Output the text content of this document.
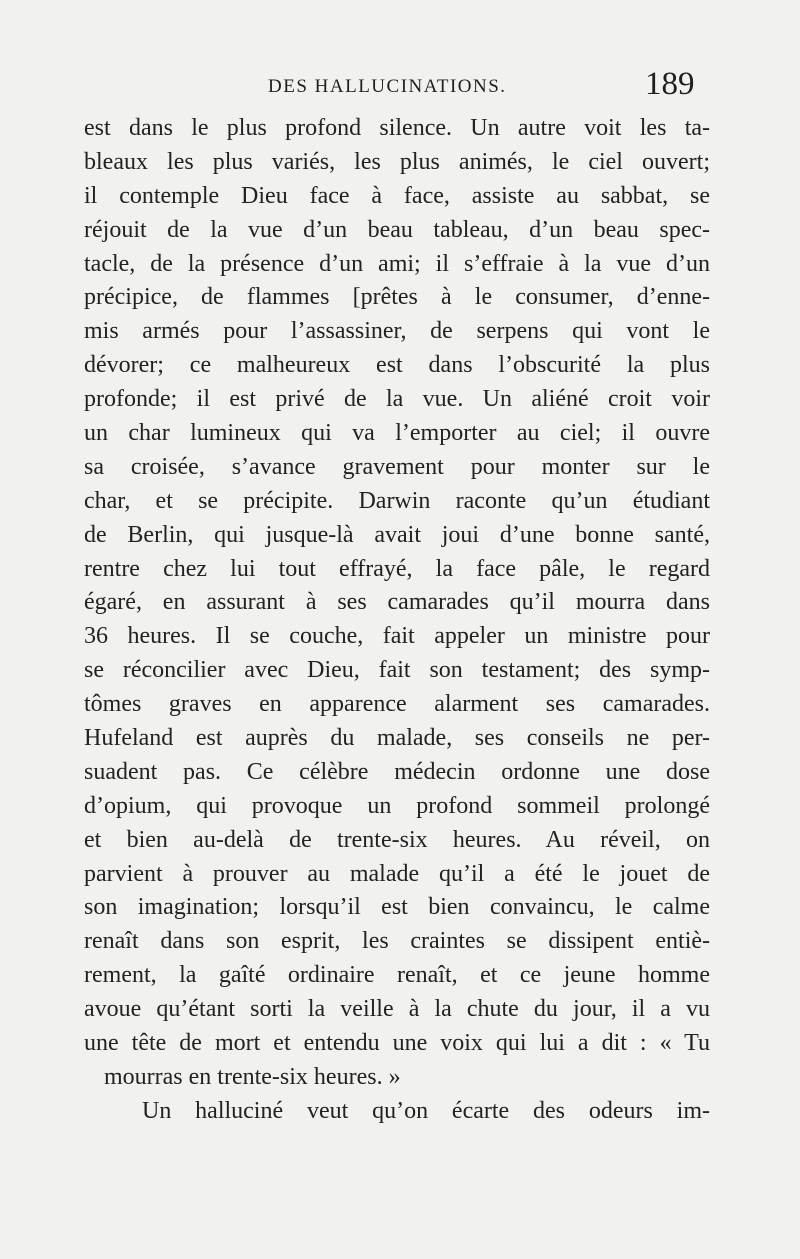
DES HALLUCINATIONS.	189
est dans le plus profond silence. Un autre voit les ta-
bleaux les plus variés, les plus animés, le ciel ouvert;
il contemple Dieu face à face, assiste au sabbat, se
réjouit de la vue d’un beau tableau, d’un beau spec-
tacle, de la présence d’un ami; il s’effraie à la vue d’un
précipice, de flammes [prêtes à le consumer, d’enne-
mis armés pour l’assassiner, de serpens qui vont le
dévorer; ce malheureux est dans l’obscurité la plus
profonde; il est privé de la vue. Un aliéné croit voir
un char lumineux qui va l’emporter au ciel; il ouvre
sa croisée, s’avance gravement pour monter sur le
char, et se précipite. Darwin raconte qu’un étudiant
de Berlin, qui jusque-là avait joui d’une bonne santé,
rentre chez lui tout effrayé, la face pâle, le regard
égaré, en assurant à ses camarades qu’il mourra dans
36 heures. Il se couche, fait appeler un ministre pour
se réconcilier avec Dieu, fait son testament; des symp-
tômes graves en apparence alarment ses camarades.
Hufeland est auprès du malade, ses conseils ne per-
suadent pas. Ce célèbre médecin ordonne une dose
d’opium, qui provoque un profond sommeil prolongé
et bien au-delà de trente-six heures. Au réveil, on
parvient à prouver au malade qu’il a été le jouet de
son imagination; lorsqu’il est bien convaincu, le calme
renaît dans son esprit, les craintes se dissipent entiè-
rement, la gaîté ordinaire renaît, et ce jeune homme
avoue qu’étant sorti la veille à la chute du jour, il a vu
une tête de mort et entendu une voix qui lui a dit : « Tu
mourras en trente-six heures. »
Un halluciné veut qu’on écarte des odeurs im-
